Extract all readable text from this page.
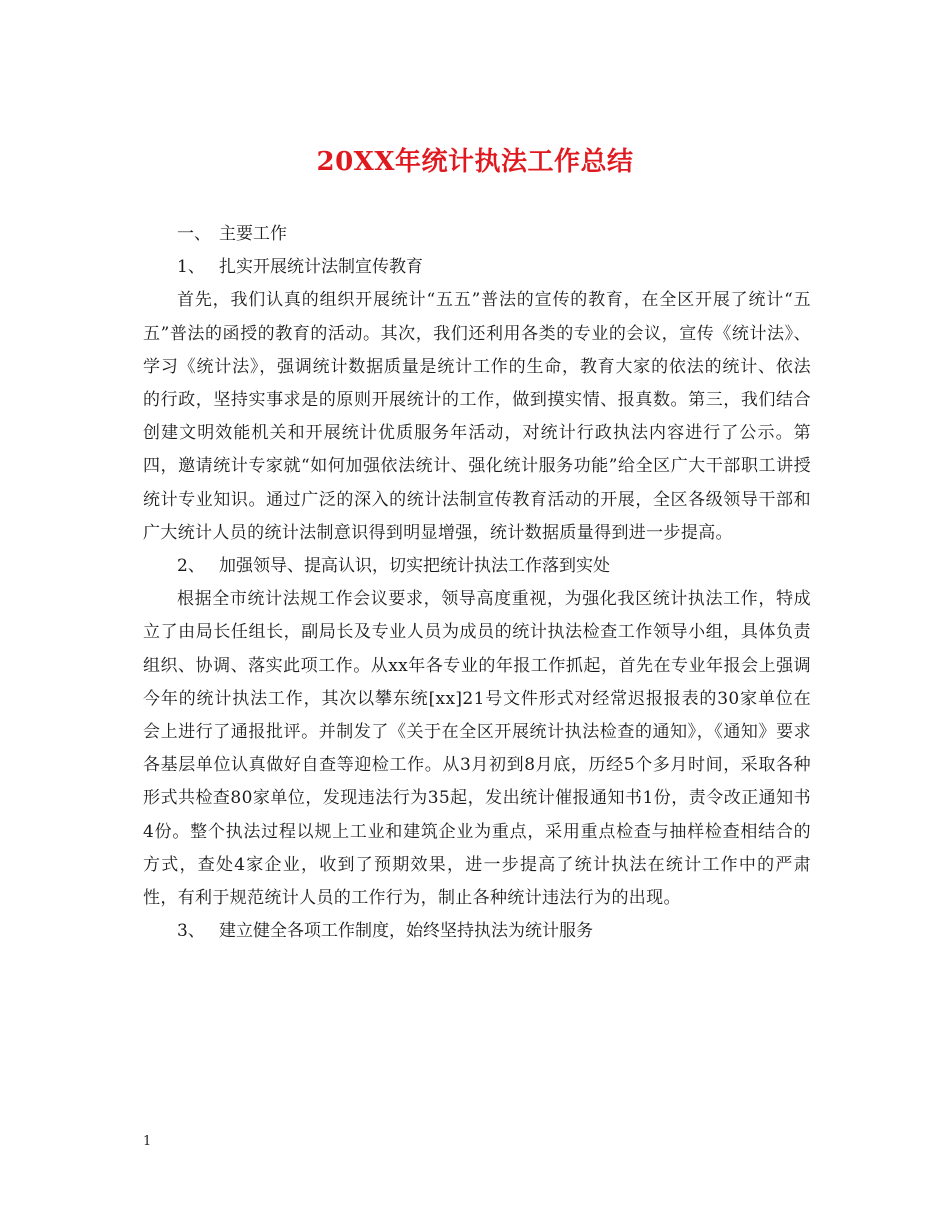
20XX年统计执法工作总结

一、 主要工作

1、 扎实开展统计法制宣传教育

首先，我们认真的组织开展统计“五五”普法的宣传的教育，在全区开展了统计“五五”普法的函授的教育的活动。其次，我们还利用各类的专业的会议，宣传《统计法》、学习《统计法》，强调统计数据质量是统计工作的生命，教育大家的依法的统计、依法的行政，坚持实事求是的原则开展统计的工作，做到摸实情、报真数。第三，我们结合创建文明效能机关和开展统计优质服务年活动，对统计行政执法内容进行了公示。第四，邀请统计专家就“如何加强依法统计、强化统计服务功能”给全区广大干部职工讲授统计专业知识。通过广泛的深入的统计法制宣传教育活动的开展，全区各级领导干部和广大统计人员的统计法制意识得到明显增强，统计数据质量得到进一步提高。

2、 加强领导、提高认识，切实把统计执法工作落到实处

根据全市统计法规工作会议要求，领导高度重视，为强化我区统计执法工作，特成立了由局长任组长，副局长及专业人员为成员的统计执法检查工作领导小组，具体负责组织、协调、落实此项工作。从xx年各专业的年报工作抓起，首先在专业年报会上强调今年的统计执法工作，其次以攀东统[xx]21号文件形式对经常迟报报表的30家单位在会上进行了通报批评。并制发了《关于在全区开展统计执法检查的通知》，《通知》要求各基层单位认真做好自查等迎检工作。从3月初到8月底，历经5个多月时间，采取各种形式共检查80家单位，发现违法行为35起，发出统计催报通知书1份，责令改正通知书4份。整个执法过程以规上工业和建筑企业为重点，采用重点检查与抽样检查相结合的方式，查处4家企业，收到了预期效果，进一步提高了统计执法在统计工作中的严肃性，有利于规范统计人员的工作行为，制止各种统计违法行为的出现。

3、 建立健全各项工作制度，始终坚持执法为统计服务

1
